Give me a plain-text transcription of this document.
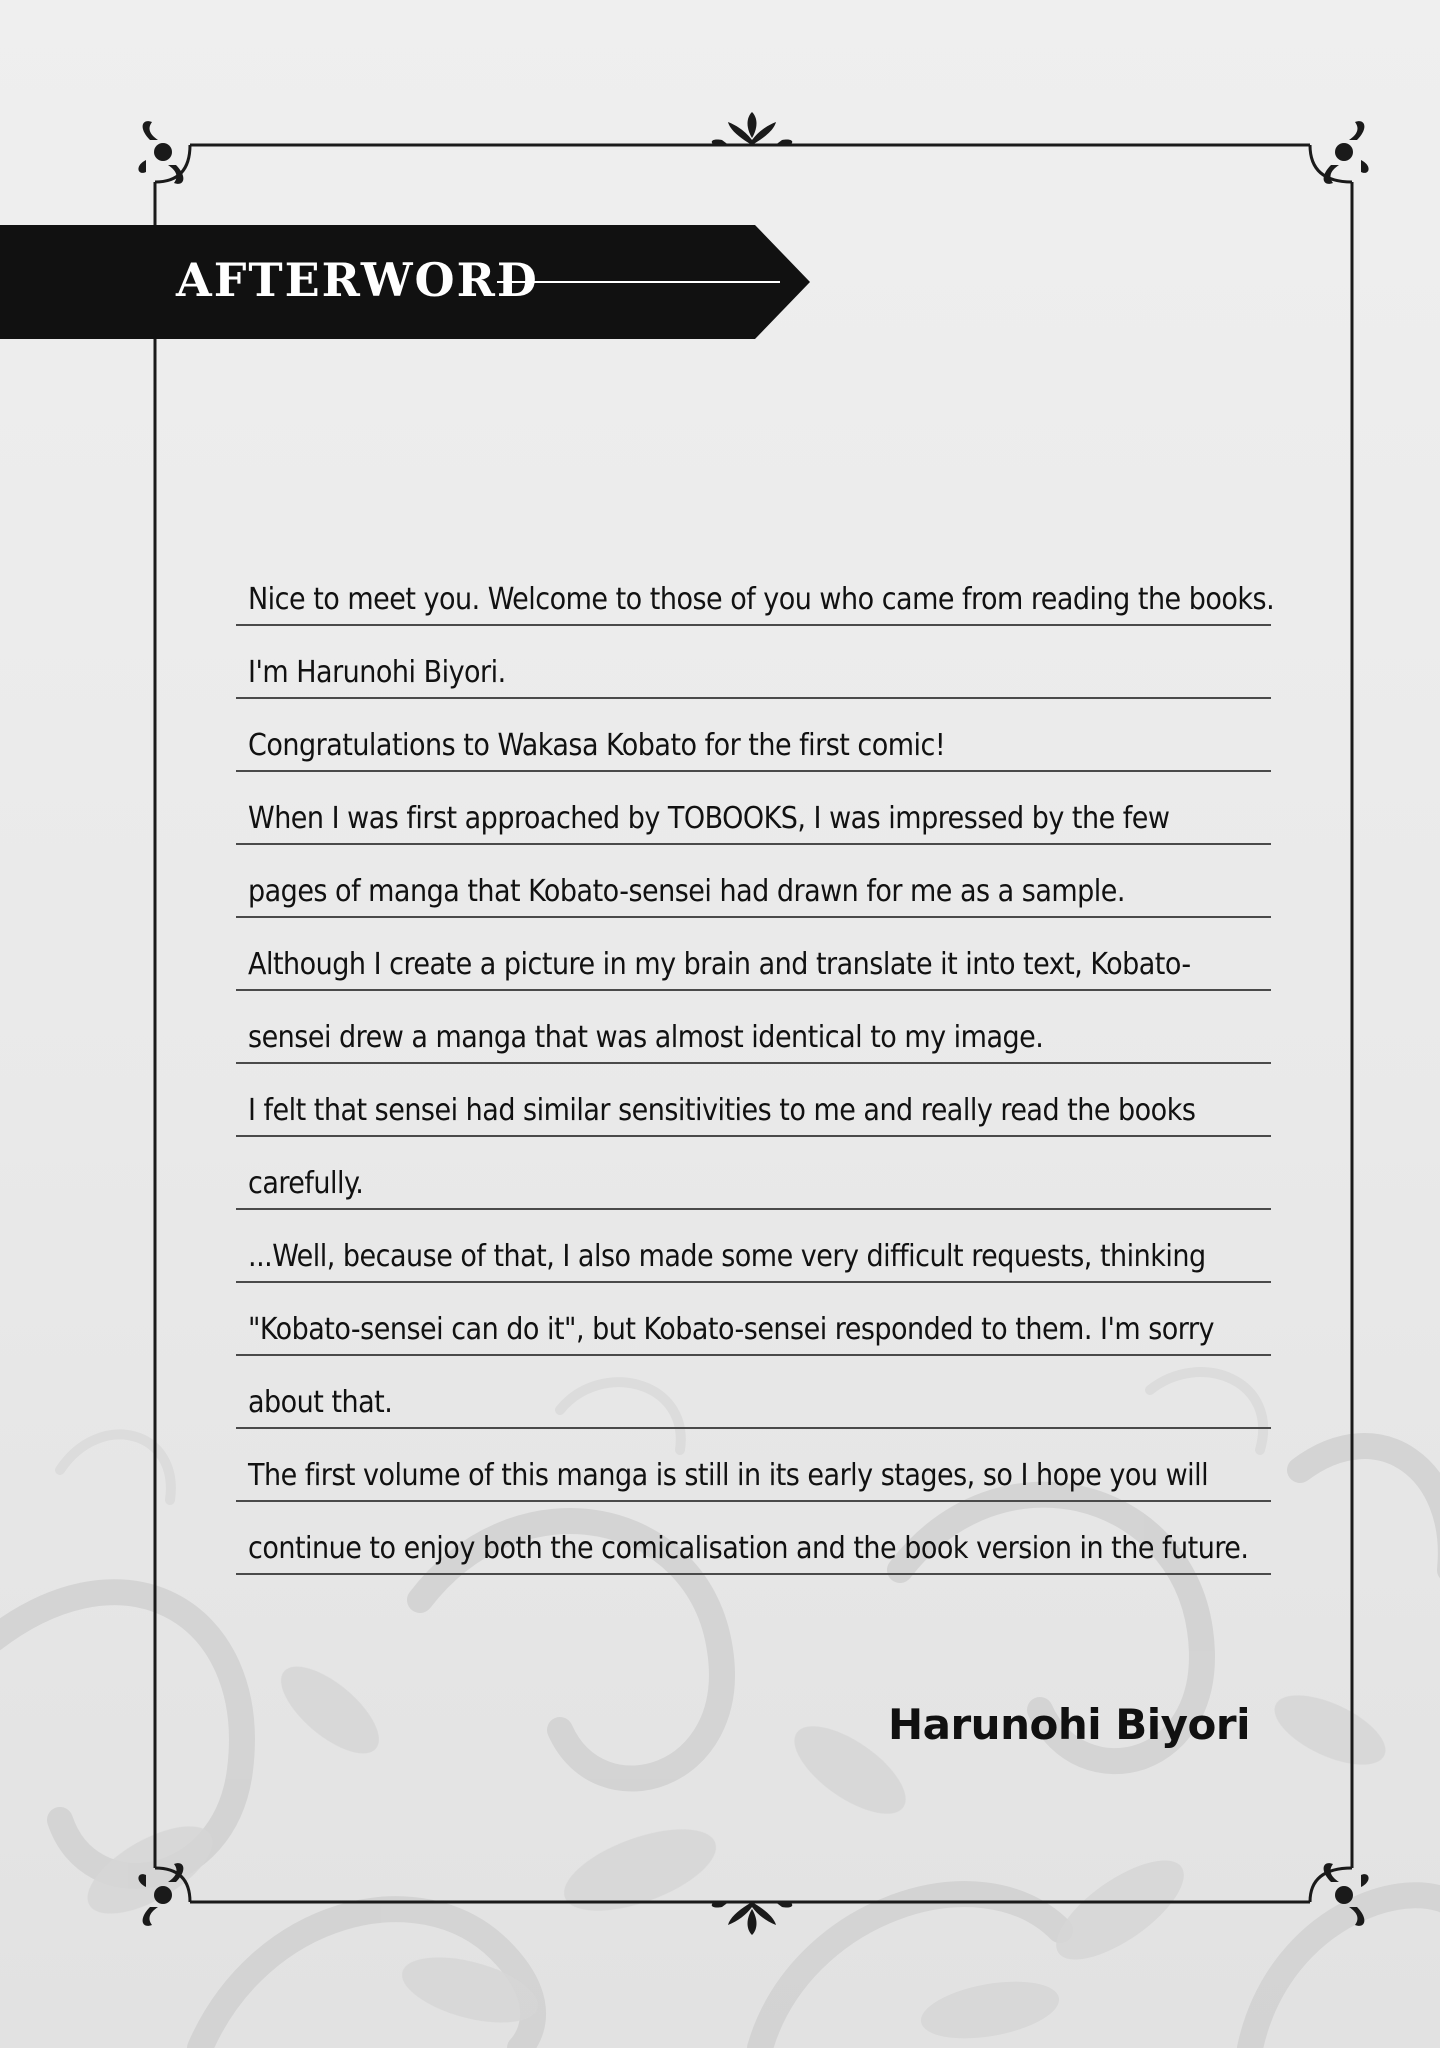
AFTERWORD
Nice to meet you. Welcome to those of you who came from reading the books.
I'm Harunohi Biyori.
Congratulations to Wakasa Kobato for the first comic!
When I was first approached by TOBOOKS, I was impressed by the few
pages of manga that Kobato-sensei had drawn for me as a sample.
Although I create a picture in my brain and translate it into text, Kobato-
sensei drew a manga that was almost identical to my image.
I felt that sensei had similar sensitivities to me and really read the books
carefully.
...Well, because of that, I also made some very difficult requests, thinking
"Kobato-sensei can do it", but Kobato-sensei responded to them. I'm sorry
about that.
The first volume of this manga is still in its early stages, so I hope you will
continue to enjoy both the comicalisation and the book version in the future.
Harunohi Biyori
